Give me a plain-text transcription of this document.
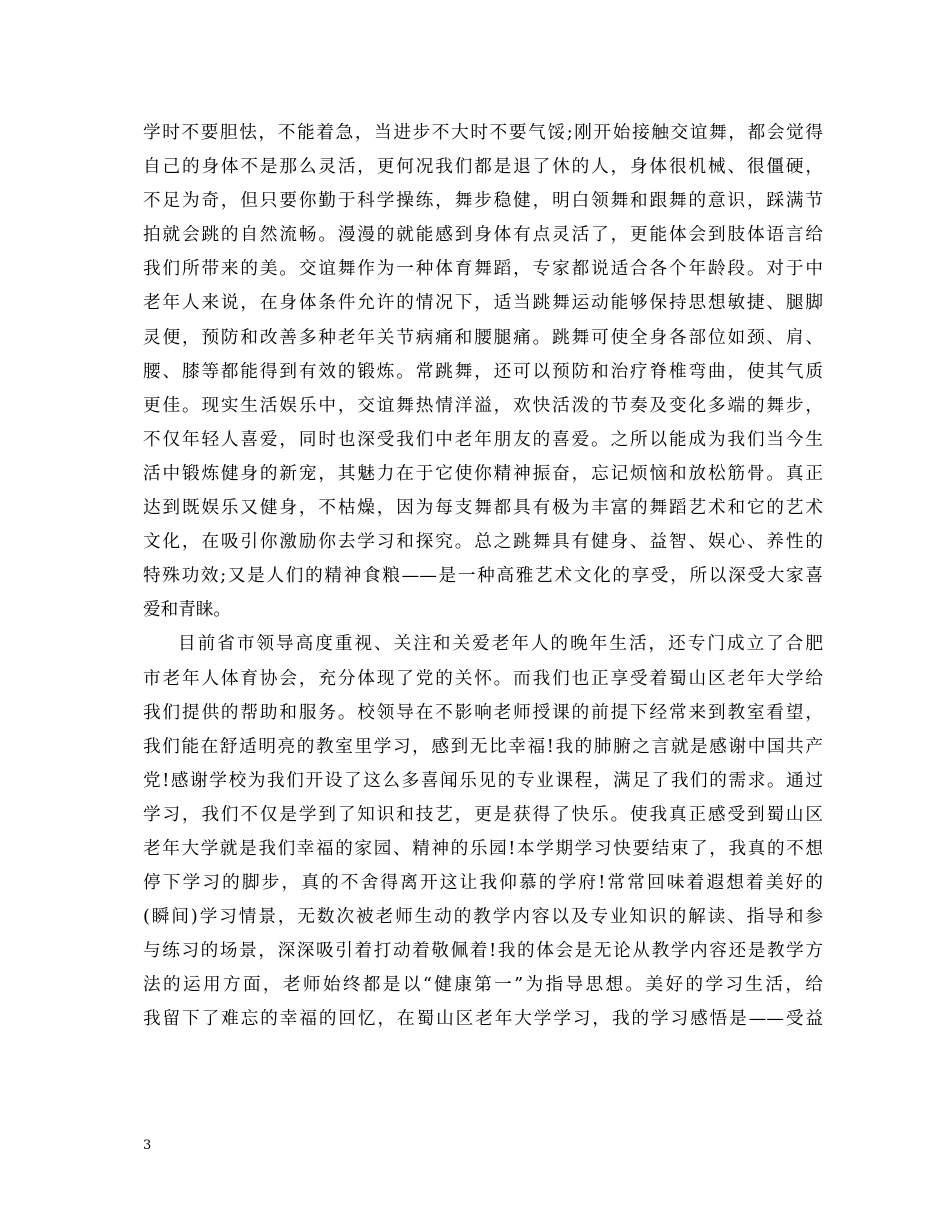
学时不要胆怯，不能着急，当进步不大时不要气馁;刚开始接触交谊舞，都会觉得
自己的身体不是那么灵活，更何况我们都是退了休的人，身体很机械、很僵硬，
不足为奇，但只要你勤于科学操练，舞步稳健，明白领舞和跟舞的意识，踩满节
拍就会跳的自然流畅。漫漫的就能感到身体有点灵活了，更能体会到肢体语言给
我们所带来的美。交谊舞作为一种体育舞蹈，专家都说适合各个年龄段。对于中
老年人来说，在身体条件允许的情况下，适当跳舞运动能够保持思想敏捷、腿脚
灵便，预防和改善多种老年关节病痛和腰腿痛。跳舞可使全身各部位如颈、肩、
腰、膝等都能得到有效的锻炼。常跳舞，还可以预防和治疗脊椎弯曲，使其气质
更佳。现实生活娱乐中，交谊舞热情洋溢，欢快活泼的节奏及变化多端的舞步，
不仅年轻人喜爱，同时也深受我们中老年朋友的喜爱。之所以能成为我们当今生
活中锻炼健身的新宠，其魅力在于它使你精神振奋，忘记烦恼和放松筋骨。真正
达到既娱乐又健身，不枯燥，因为每支舞都具有极为丰富的舞蹈艺术和它的艺术
文化，在吸引你激励你去学习和探究。总之跳舞具有健身、益智、娱心、养性的
特殊功效;又是人们的精神食粮——是一种高雅艺术文化的享受，所以深受大家喜
爱和青睐。
目前省市领导高度重视、关注和关爱老年人的晚年生活，还专门成立了合肥
市老年人体育协会，充分体现了党的关怀。而我们也正享受着蜀山区老年大学给
我们提供的帮助和服务。校领导在不影响老师授课的前提下经常来到教室看望，
我们能在舒适明亮的教室里学习，感到无比幸福!我的肺腑之言就是感谢中国共产
党!感谢学校为我们开设了这么多喜闻乐见的专业课程，满足了我们的需求。通过
学习，我们不仅是学到了知识和技艺，更是获得了快乐。使我真正感受到蜀山区
老年大学就是我们幸福的家园、精神的乐园!本学期学习快要结束了，我真的不想
停下学习的脚步，真的不舍得离开这让我仰慕的学府!常常回味着遐想着美好的
(瞬间)学习情景，无数次被老师生动的教学内容以及专业知识的解读、指导和参
与练习的场景，深深吸引着打动着敬佩着!我的体会是无论从教学内容还是教学方
法的运用方面，老师始终都是以“健康第一”为指导思想。美好的学习生活，给
我留下了难忘的幸福的回忆，在蜀山区老年大学学习，我的学习感悟是——受益
3
